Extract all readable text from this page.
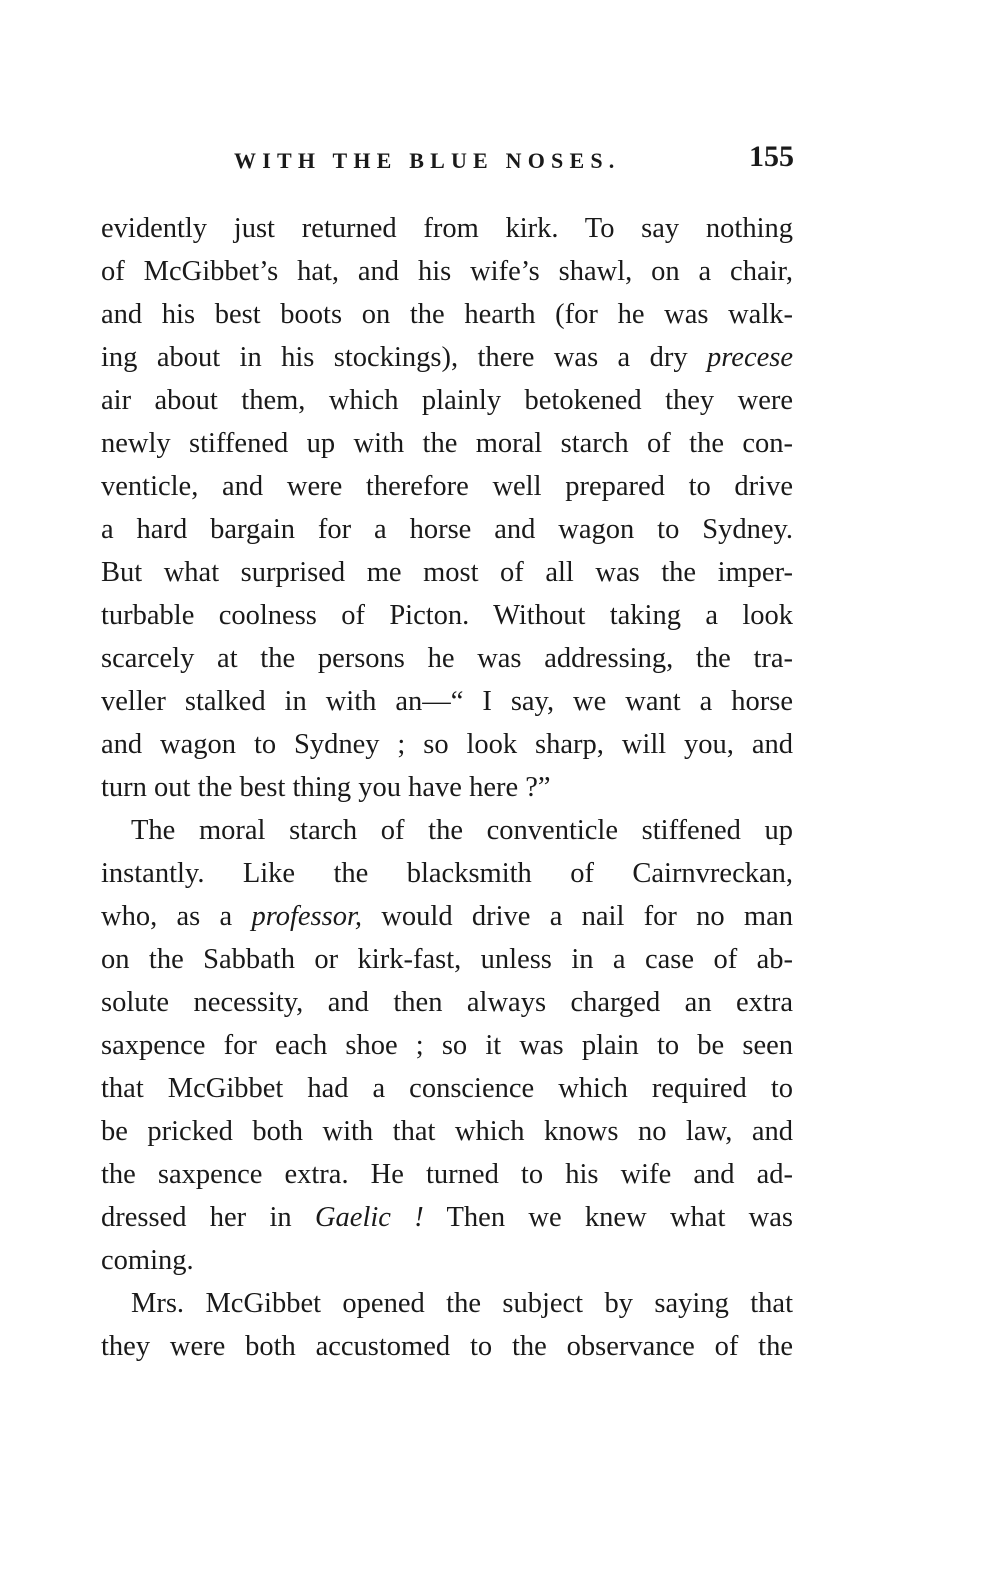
WITH THE BLUE NOSES.	155
evidently just returned from kirk. To say nothing
of McGibbet’s hat, and his wife’s shawl, on a chair,
and his best boots on the hearth (for he was walk-
ing about in his stockings), there was a dry precese
air about them, which plainly betokened they were
newly stiffened up with the moral starch of the con-
venticle, and were therefore well prepared to drive
a hard bargain for a horse and wagon to Sydney.
But what surprised me most of all was the imper-
turbable coolness of Picton. Without taking a look
scarcely at the persons he was addressing, the tra-
veller stalked in with an—“ I say, we want a horse
and wagon to Sydney ; so look sharp, will you, and
turn out the best thing you have here ?”
The moral starch of the conventicle stiffened up
instantly. Like the blacksmith of Cairnvreckan,
who, as a professor, would drive a nail for no man
on the Sabbath or kirk-fast, unless in a case of ab-
solute necessity, and then always charged an extra
saxpence for each shoe ; so it was plain to be seen
that McGibbet had a conscience which required to
be pricked both with that which knows no law, and
the saxpence extra. He turned to his wife and ad-
dressed her in Gaelic ! Then we knew what was
coming.
Mrs. McGibbet opened the subject by saying that
they were both accustomed to the observance of the
